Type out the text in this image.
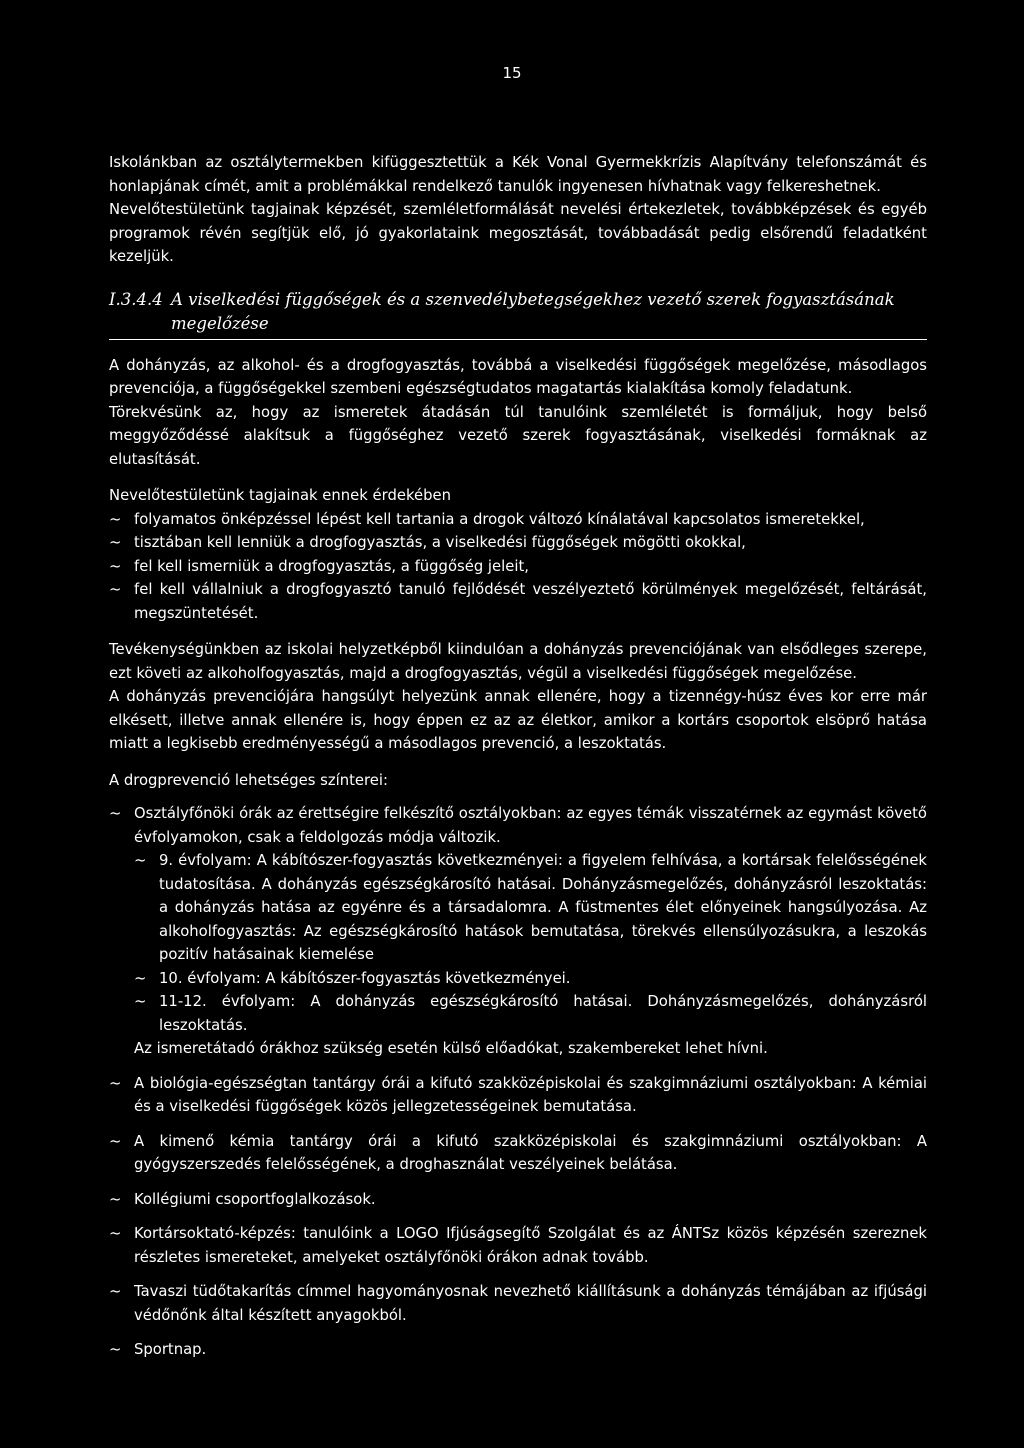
15

Iskolánkban az osztálytermekben kifüggesztettük a Kék Vonal Gyermekkrízis Alapítvány telefonszámát és honlapjának címét, amit a problémákkal rendelkező tanulók ingyenesen hívhatnak vagy felkereshetnek.

Nevelőtestületünk tagjainak képzését, szemléletformálását nevelési értekezletek, továbbképzések és egyéb programok révén segítjük elő, jó gyakorlataink megosztását, továbbadását pedig elsőrendű feladatként kezeljük.

I.3.4.4 A viselkedési függőségek és a szenvedélybetegségekhez vezető szerek fogyasztásának megelőzése

A dohányzás, az alkohol- és a drogfogyasztás, továbbá a viselkedési függőségek megelőzése, másodlagos prevenciója, a függőségekkel szembeni egészségtudatos magatartás kialakítása komoly feladatunk.

Törekvésünk az, hogy az ismeretek átadásán túl tanulóink szemléletét is formáljuk, hogy belső meggyőződéssé alakítsuk a függőséghez vezető szerek fogyasztásának, viselkedési formáknak az elutasítását.

Nevelőtestületünk tagjainak ennek érdekében

~ folyamatos önképzéssel lépést kell tartania a drogok változó kínálatával kapcsolatos ismeretekkel,
~ tisztában kell lenniük a drogfogyasztás, a viselkedési függőségek mögötti okokkal,
~ fel kell ismerniük a drogfogyasztás, a függőség jeleit,
~ fel kell vállalniuk a drogfogyasztó tanuló fejlődését veszélyeztető körülmények megelőzését, feltárását, megszüntetését.

Tevékenységünkben az iskolai helyzetképből kiindulóan a dohányzás prevenciójának van elsődleges szerepe, ezt követi az alkoholfogyasztás, majd a drogfogyasztás, végül a viselkedési függőségek megelőzése.

A dohányzás prevenciójára hangsúlyt helyezünk annak ellenére, hogy a tizennégy-húsz éves kor erre már elkésett, illetve annak ellenére is, hogy éppen ez az az életkor, amikor a kortárs csoportok elsöprő hatása miatt a legkisebb eredményességű a másodlagos prevenció, a leszoktatás.

A drogprevenció lehetséges színterei:

~ Osztályfőnöki órák az érettségire felkészítő osztályokban: az egyes témák visszatérnek az egymást követő évfolyamokon, csak a feldolgozás módja változik.
~ 9. évfolyam: A kábítószer-fogyasztás következményei: a figyelem felhívása, a kortársak felelősségének tudatosítása. A dohányzás egészségkárosító hatásai. Dohányzásmegelőzés, dohányzásról leszoktatás: a dohányzás hatása az egyénre és a társadalomra. A füstmentes élet előnyeinek hangsúlyozása. Az alkoholfogyasztás: Az egészségkárosító hatások bemutatása, törekvés ellensúlyozásukra, a leszokás pozitív hatásainak kiemelése
~ 10. évfolyam: A kábítószer-fogyasztás következményei.
~ 11-12. évfolyam: A dohányzás egészségkárosító hatásai. Dohányzásmegelőzés, dohányzásról leszoktatás.
Az ismeretátadó órákhoz szükség esetén külső előadókat, szakembereket lehet hívni.
~ A biológia-egészségtan tantárgy órái a kifutó szakközépiskolai és szakgimnáziumi osztályokban: A kémiai és a viselkedési függőségek közös jellegzetességeinek bemutatása.
~ A kimenő kémia tantárgy órái a kifutó szakközépiskolai és szakgimnáziumi osztályokban: A gyógyszerszedés felelősségének, a droghasználat veszélyeinek belátása.
~ Kollégiumi csoportfoglalkozások.
~ Kortársoktató-képzés: tanulóink a LOGO Ifjúságsegítő Szolgálat és az ÁNTSz közös képzésén szereznek részletes ismereteket, amelyeket osztályfőnöki órákon adnak tovább.
~ Tavaszi tüdőtakarítás címmel hagyományosnak nevezhető kiállításunk a dohányzás témájában az ifjúsági védőnőnk által készített anyagokból.
~ Sportnap.
